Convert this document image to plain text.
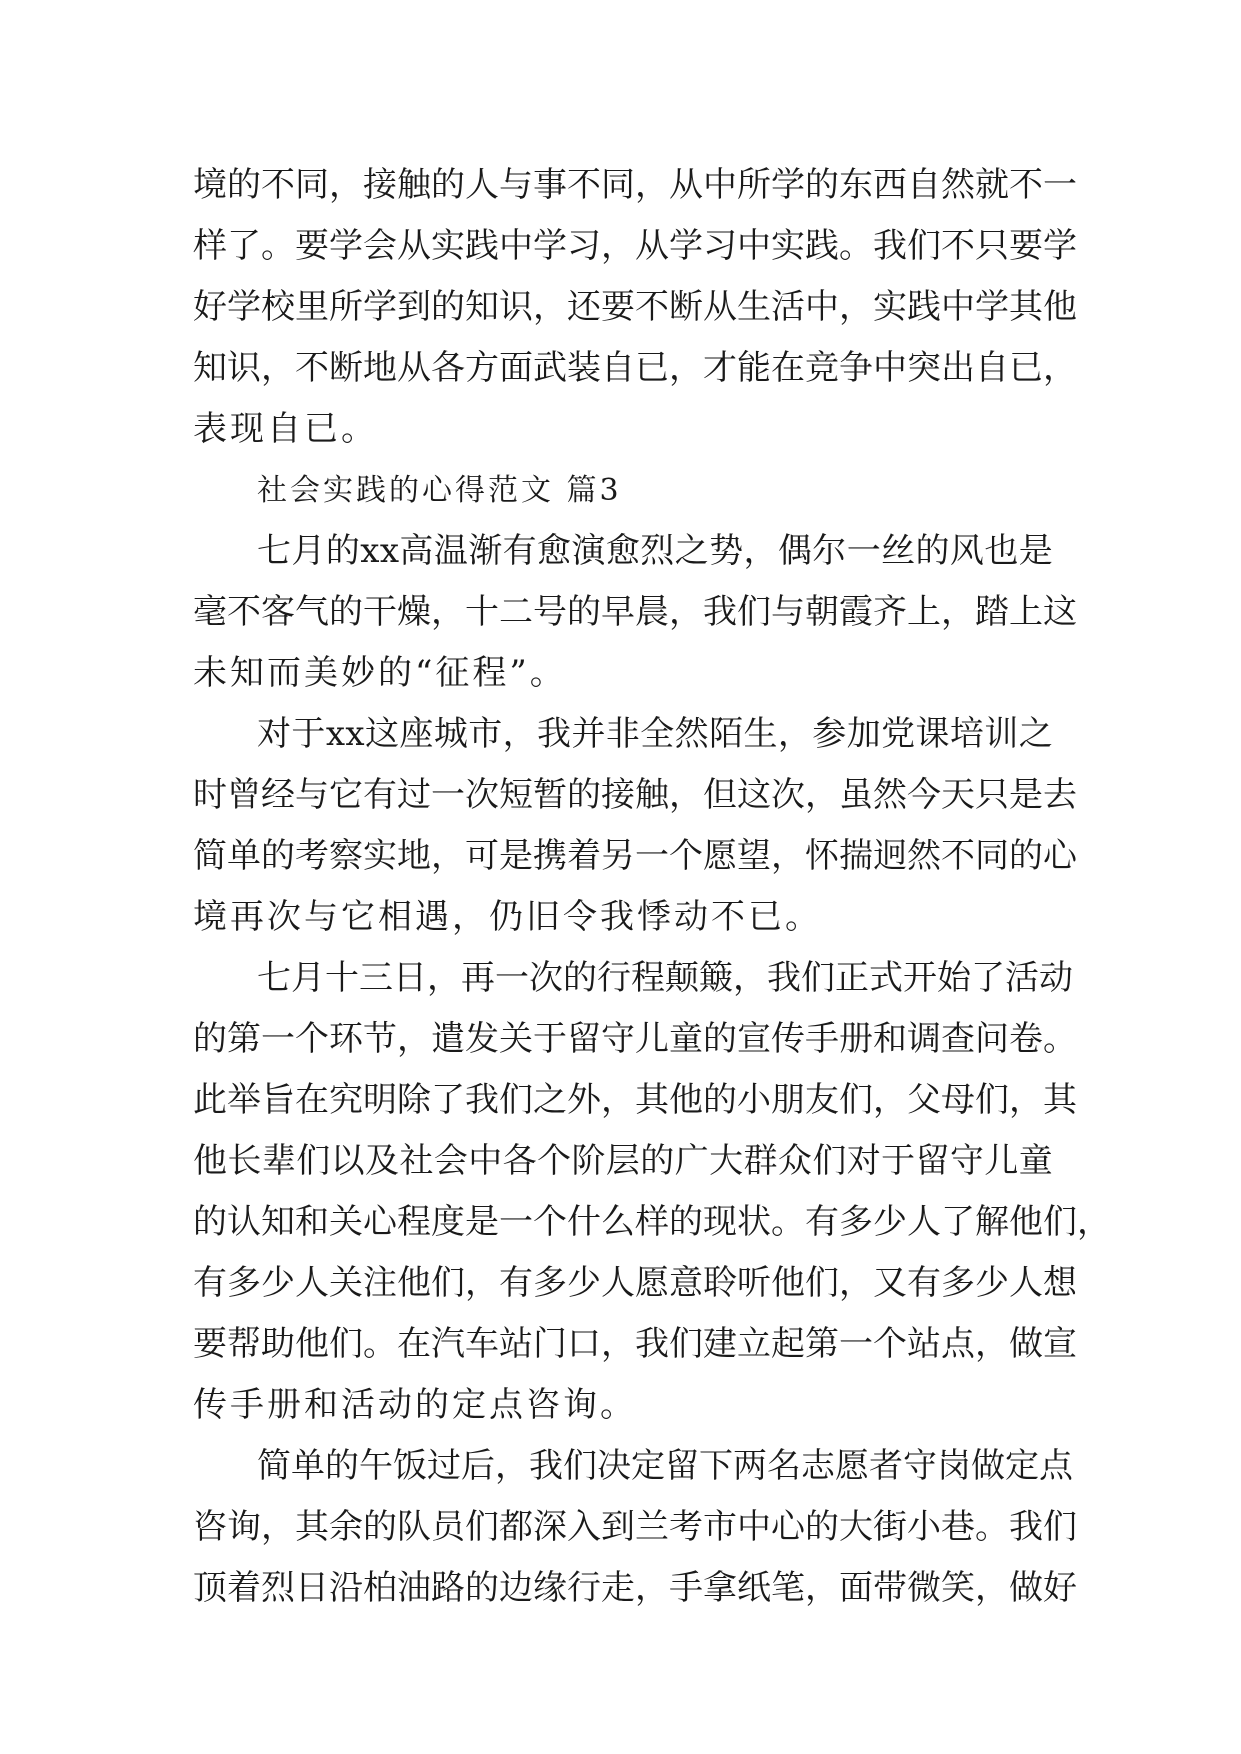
境 的 不 同 ， 接 触 的 人 与 事 不 同 ， 从 中 所 学 的 东 西 自 然 就 不 一
样 了 。 要 学 会 从 实 践 中 学 习 ， 从 学 习 中 实 践 。 我 们 不 只 要 学
好 学 校 里 所 学 到 的 知 识 ， 还 要 不 断 从 生 活 中 ， 实 践 中 学 其 他
知 识 ， 不 断 地 从 各 方 面 武 装 自 已 ， 才 能 在 竞 争 中 突 出 自 已 ，
表现自已。
社会实践的心得范文 篇3
七 月 的 x x 高 温 渐 有 愈 演 愈 烈 之 势 ， 偶 尔 一 丝 的 风 也 是
毫 不 客 气 的 干 燥 ， 十 二 号 的 早 晨 ， 我 们 与 朝 霞 齐 上 ， 踏 上 这
未知而美妙的“征程”。
对 于 x x 这 座 城 市 ， 我 并 非 全 然 陌 生 ， 参 加 党 课 培 训 之
时 曾 经 与 它 有 过 一 次 短 暂 的 接 触 ， 但 这 次 ， 虽 然 今 天 只 是 去
简 单 的 考 察 实 地 ， 可 是 携 着 另 一 个 愿 望 ， 怀 揣 迥 然 不 同 的 心
境再次与它相遇，仍旧令我悸动不已。
七 月 十 三 日 ， 再 一 次 的 行 程 颠 簸 ， 我 们 正 式 开 始 了 活 动
的 第 一 个 环 节 ， 遣 发 关 于 留 守 儿 童 的 宣 传 手 册 和 调 查 问 卷 。
此 举 旨 在 究 明 除 了 我 们 之 外 ， 其 他 的 小 朋 友 们 ， 父 母 们 ， 其
他 长 辈 们 以 及 社 会 中 各 个 阶 层 的 广 大 群 众 们 对 于 留 守 儿 童
的 认 知 和 关 心 程 度 是 一 个 什 么 样 的 现 状 。 有 多 少 人 了 解 他 们 ，
有 多 少 人 关 注 他 们 ， 有 多 少 人 愿 意 聆 听 他 们 ， 又 有 多 少 人 想
要 帮 助 他 们 。 在 汽 车 站 门 口 ， 我 们 建 立 起 第 一 个 站 点 ， 做 宣
传手册和活动的定点咨询。
简 单 的 午 饭 过 后 ， 我 们 决 定 留 下 两 名 志 愿 者 守 岗 做 定 点
咨 询 ， 其 余 的 队 员 们 都 深 入 到 兰 考 市 中 心 的 大 街 小 巷 。 我 们
顶 着 烈 日 沿 柏 油 路 的 边 缘 行 走 ， 手 拿 纸 笔 ， 面 带 微 笑 ， 做 好
